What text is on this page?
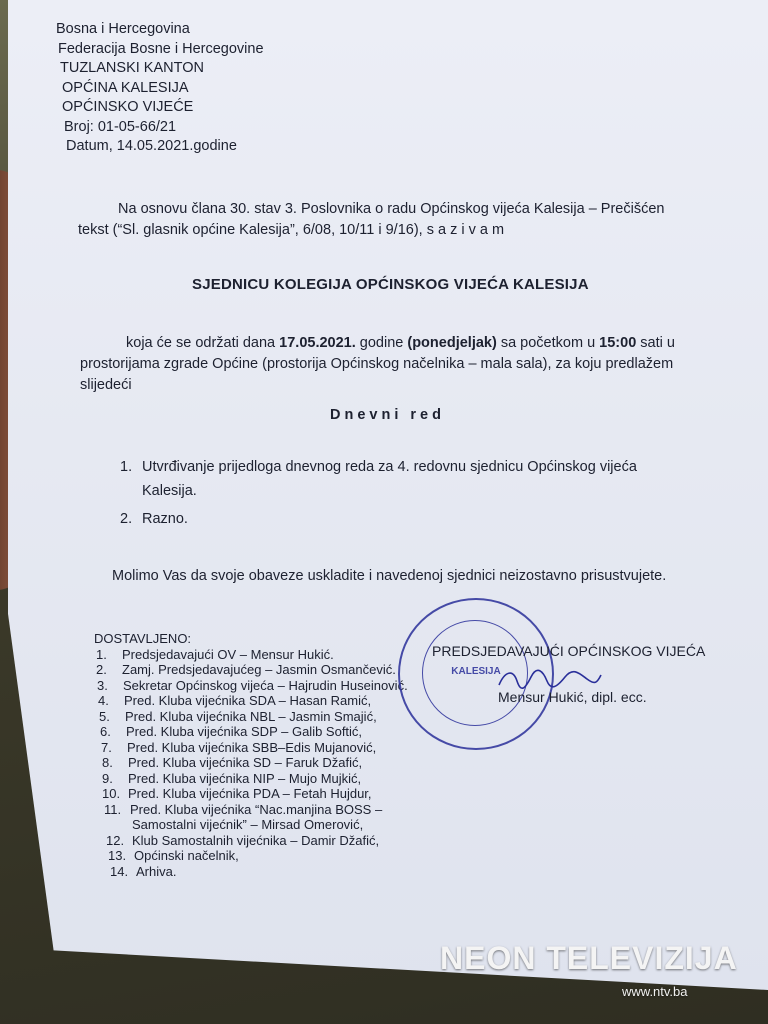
Bosna i Hercegovina
Federacija Bosne i Hercegovine
TUZLANSKI KANTON
OPĆINA KALESIJA
OPĆINSKO VIJEĆE
Broj: 01-05-66/21
Datum, 14.05.2021.godine
Na osnovu člana 30. stav 3. Poslovnika o radu Općinskog vijeća Kalesija – Prečišćen
tekst (“Sl. glasnik općine Kalesija”, 6/08, 10/11 i 9/16), s a z i v a m
SJEDNICU KOLEGIJA OPĆINSKOG VIJEĆA KALESIJA
koja će se održati dana 17.05.2021. godine (ponedjeljak) sa početkom u 15:00 sati u
prostorijama zgrade Općine (prostorija Općinskog načelnika – mala sala), za koju predlažem
slijedeći
Dnevni red
1. Utvrđivanje prijedloga dnevnog reda za 4. redovnu sjednicu Općinskog vijeća
Kalesija.
2. Razno.
Molimo Vas da svoje obaveze uskladite i navedenoj sjednici neizostavno prisustvujete.
DOSTAVLJENO:
1. Predsjedavajući OV – Mensur Hukić.
2. Zamj. Predsjedavajućeg – Jasmin Osmančević.
3. Sekretar Općinskog vijeća – Hajrudin Huseinović.
4. Pred. Kluba vijećnika SDA – Hasan Ramić,
5. Pred. Kluba vijećnika NBL – Jasmin Smajić,
6. Pred. Kluba vijećnika SDP – Galib Softić,
7. Pred. Kluba vijećnika SBB–Edis Mujanović,
8. Pred. Kluba vijećnika SD – Faruk Džafić,
9. Pred. Kluba vijećnika NIP – Mujo Mujkić,
10. Pred. Kluba vijećnika PDA – Fetah Hujdur,
11. Pred. Kluba vijećnika “Nac.manjina BOSS –
Samostalni vijećnik” – Mirsad Omerović,
12. Klub Samostalnih vijećnika – Damir Džafić,
13. Općinski načelnik,
14. Arhiva.
KALESIJA
PREDSJEDAVAJUĆI OPĆINSKOG VIJEĆA
Mensur Hukić, dipl. ecc.
NEON TELEVIZIJA
www.ntv.ba
